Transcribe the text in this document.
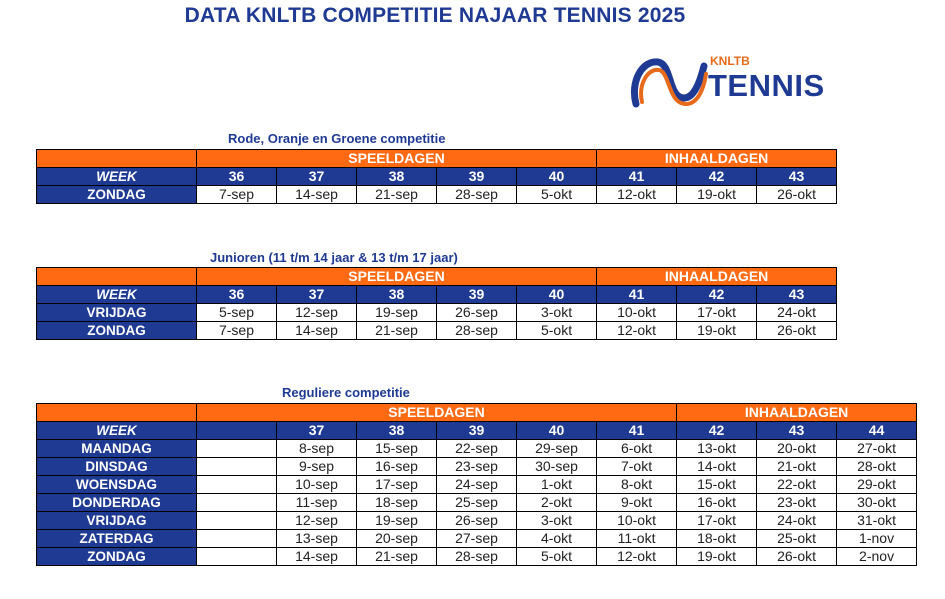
DATA KNLTB COMPETITIE NAJAAR TENNIS 2025
KNLTB
TENNIS
Rode, Oranje en Groene competitie
	SPEELDAGEN					INHAALDAGEN		
WEEK	36	37	38	39	40	41	42	43
ZONDAG	7-sep	14-sep	21-sep	28-sep	5-okt	12-okt	19-okt	26-okt
Junioren (11 t/m 14 jaar & 13 t/m 17 jaar)
	SPEELDAGEN					INHAALDAGEN		
WEEK	36	37	38	39	40	41	42	43
VRIJDAG	5-sep	12-sep	19-sep	26-sep	3-okt	10-okt	17-okt	24-okt
ZONDAG	7-sep	14-sep	21-sep	28-sep	5-okt	12-okt	19-okt	26-okt
Reguliere competitie
	SPEELDAGEN						INHAALDAGEN		
WEEK		37	38	39	40	41	42	43	44
MAANDAG		8-sep	15-sep	22-sep	29-sep	6-okt	13-okt	20-okt	27-okt
DINSDAG		9-sep	16-sep	23-sep	30-sep	7-okt	14-okt	21-okt	28-okt
WOENSDAG		10-sep	17-sep	24-sep	1-okt	8-okt	15-okt	22-okt	29-okt
DONDERDAG		11-sep	18-sep	25-sep	2-okt	9-okt	16-okt	23-okt	30-okt
VRIJDAG		12-sep	19-sep	26-sep	3-okt	10-okt	17-okt	24-okt	31-okt
ZATERDAG		13-sep	20-sep	27-sep	4-okt	11-okt	18-okt	25-okt	1-nov
ZONDAG		14-sep	21-sep	28-sep	5-okt	12-okt	19-okt	26-okt	2-nov
